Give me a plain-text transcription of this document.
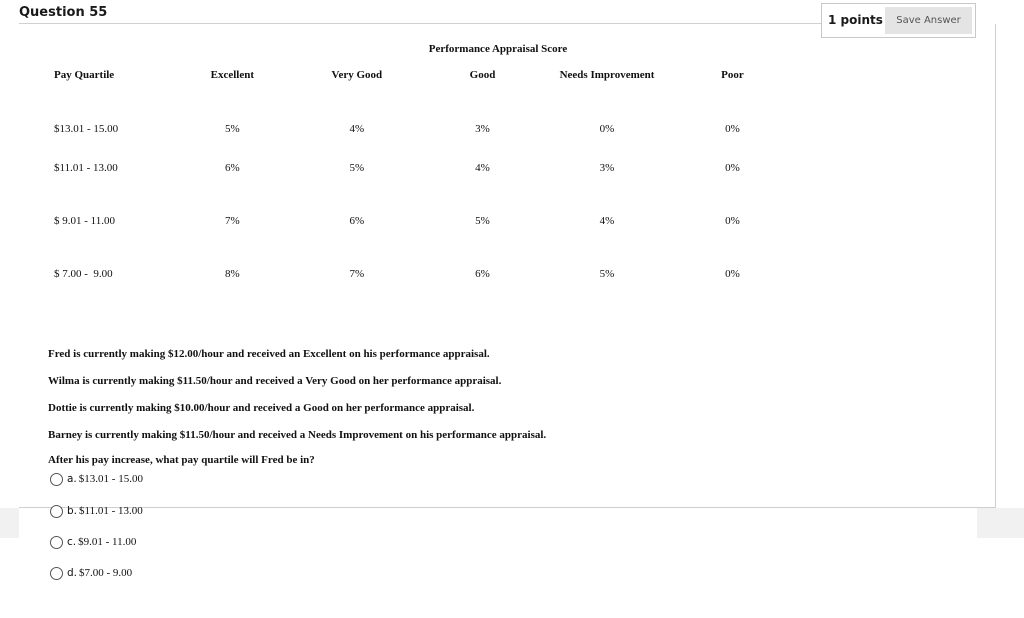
Question 55	1 points	Save Answer
Performance Appraisal Score
Pay Quartile	Excellent	Very Good	Good	Needs Improvement	Poor
$13.01 - 15.00	5%	4%	3%	0%	0%
$11.01 - 13.00	6%	5%	4%	3%	0%
$ 9.01 - 11.00	7%	6%	5%	4%	0%
$ 7.00 -  9.00	8%	7%	6%	5%	0%
Fred is currently making $12.00/hour and received an Excellent on his performance appraisal.
Wilma is currently making $11.50/hour and received a Very Good on her performance appraisal.
Dottie is currently making $10.00/hour and received a Good on her performance appraisal.
Barney is currently making $11.50/hour and received a Needs Improvement on his performance appraisal.
After his pay increase, what pay quartile will Fred be in?
a. $13.01 - 15.00
b. $11.01 - 13.00
c. $9.01 - 11.00
d. $7.00 - 9.00
